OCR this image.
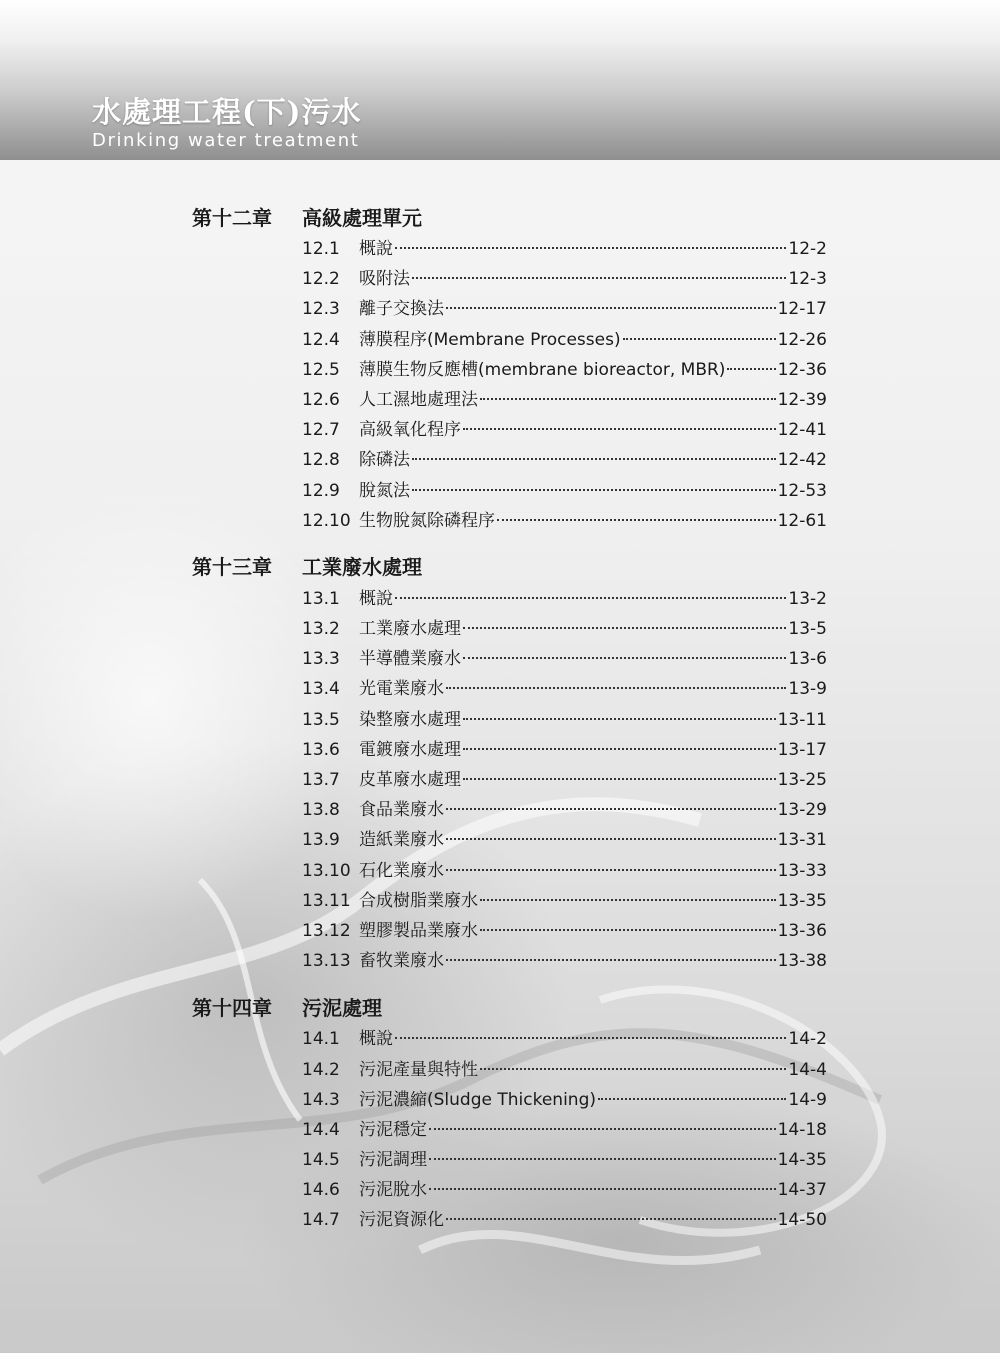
水處理工程(下)污水
Drinking water treatment
第十二章	高級處理單元
12.1	概說	12-2
12.2	吸附法	12-3
12.3	離子交換法	12-17
12.4	薄膜程序(Membrane Processes)	12-26
12.5	薄膜生物反應槽(membrane bioreactor, MBR)	12-36
12.6	人工濕地處理法	12-39
12.7	高級氧化程序	12-41
12.8	除磷法	12-42
12.9	脫氮法	12-53
12.10 生物脫氮除磷程序	12-61
第十三章	工業廢水處理
13.1	概說	13-2
13.2	工業廢水處理	13-5
13.3	半導體業廢水	13-6
13.4	光電業廢水	13-9
13.5	染整廢水處理	13-11
13.6	電鍍廢水處理	13-17
13.7	皮革廢水處理	13-25
13.8	食品業廢水	13-29
13.9	造紙業廢水	13-31
13.10 石化業廢水	13-33
13.11 合成樹脂業廢水	13-35
13.12 塑膠製品業廢水	13-36
13.13 畜牧業廢水	13-38
第十四章	污泥處理
14.1	概說	14-2
14.2	污泥產量與特性	14-4
14.3	污泥濃縮(Sludge Thickening)	14-9
14.4	污泥穩定	14-18
14.5	污泥調理	14-35
14.6	污泥脫水	14-37
14.7	污泥資源化	14-50
